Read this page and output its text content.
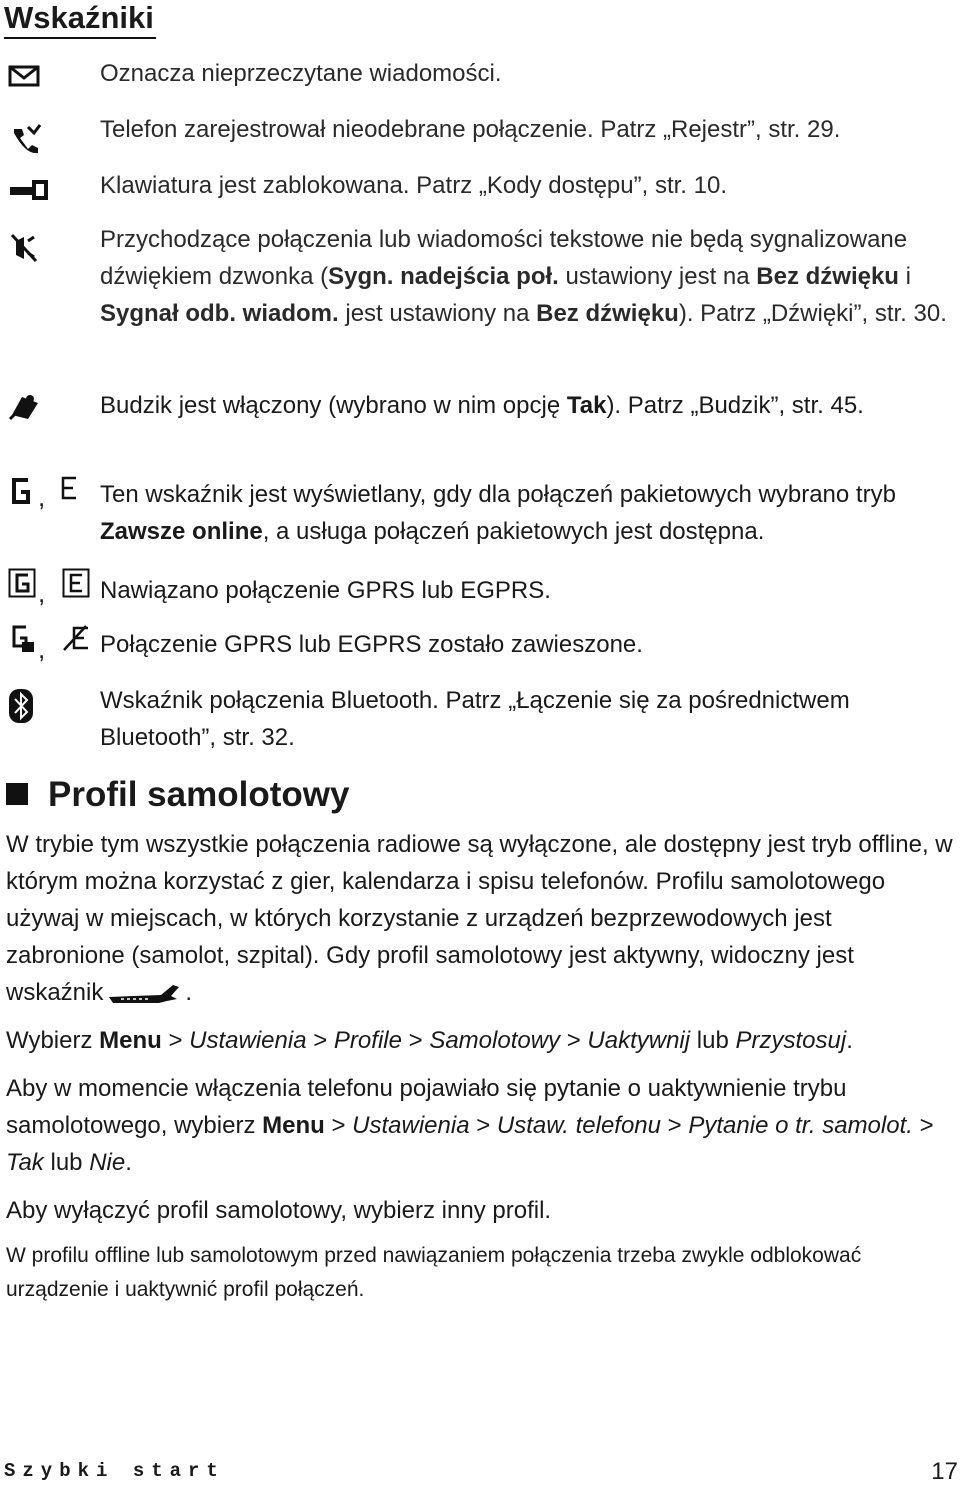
Wskaźniki

Oznacza nieprzeczytane wiadomości.

Telefon zarejestrował nieodebrane połączenie. Patrz „Rejestr”, str. 29.

Klawiatura jest zablokowana. Patrz „Kody dostępu”, str. 10.

Przychodzące połączenia lub wiadomości tekstowe nie będą sygnalizowane dźwiękiem dzwonka (Sygn. nadejścia poł. ustawiony jest na Bez dźwięku i Sygnał odb. wiadom. jest ustawiony na Bez dźwięku). Patrz „Dźwięki”, str. 30.

Budzik jest włączony (wybrano w nim opcję Tak). Patrz „Budzik”, str. 45.

, Ten wskaźnik jest wyświetlany, gdy dla połączeń pakietowych wybrano tryb Zawsze online, a usługa połączeń pakietowych jest dostępna.

, Nawiązano połączenie GPRS lub EGPRS.

, Połączenie GPRS lub EGPRS zostało zawieszone.

Wskaźnik połączenia Bluetooth. Patrz „Łączenie się za pośrednictwem Bluetooth”, str. 32.

Profil samolotowy

W trybie tym wszystkie połączenia radiowe są wyłączone, ale dostępny jest tryb offline, w którym można korzystać z gier, kalendarza i spisu telefonów. Profilu samolotowego używaj w miejscach, w których korzystanie z urządzeń bezprzewodowych jest zabronione (samolot, szpital). Gdy profil samolotowy jest aktywny, widoczny jest wskaźnik	.

Wybierz Menu > Ustawienia > Profile > Samolotowy > Uaktywnij lub Przystosuj.

Aby w momencie włączenia telefonu pojawiało się pytanie o uaktywnienie trybu samolotowego, wybierz Menu > Ustawienia > Ustaw. telefonu > Pytanie o tr. samolot. > Tak lub Nie.

Aby wyłączyć profil samolotowy, wybierz inny profil.

W profilu offline lub samolotowym przed nawiązaniem połączenia trzeba zwykle odblokować urządzenie i uaktywnić profil połączeń.

Szybki start	17
